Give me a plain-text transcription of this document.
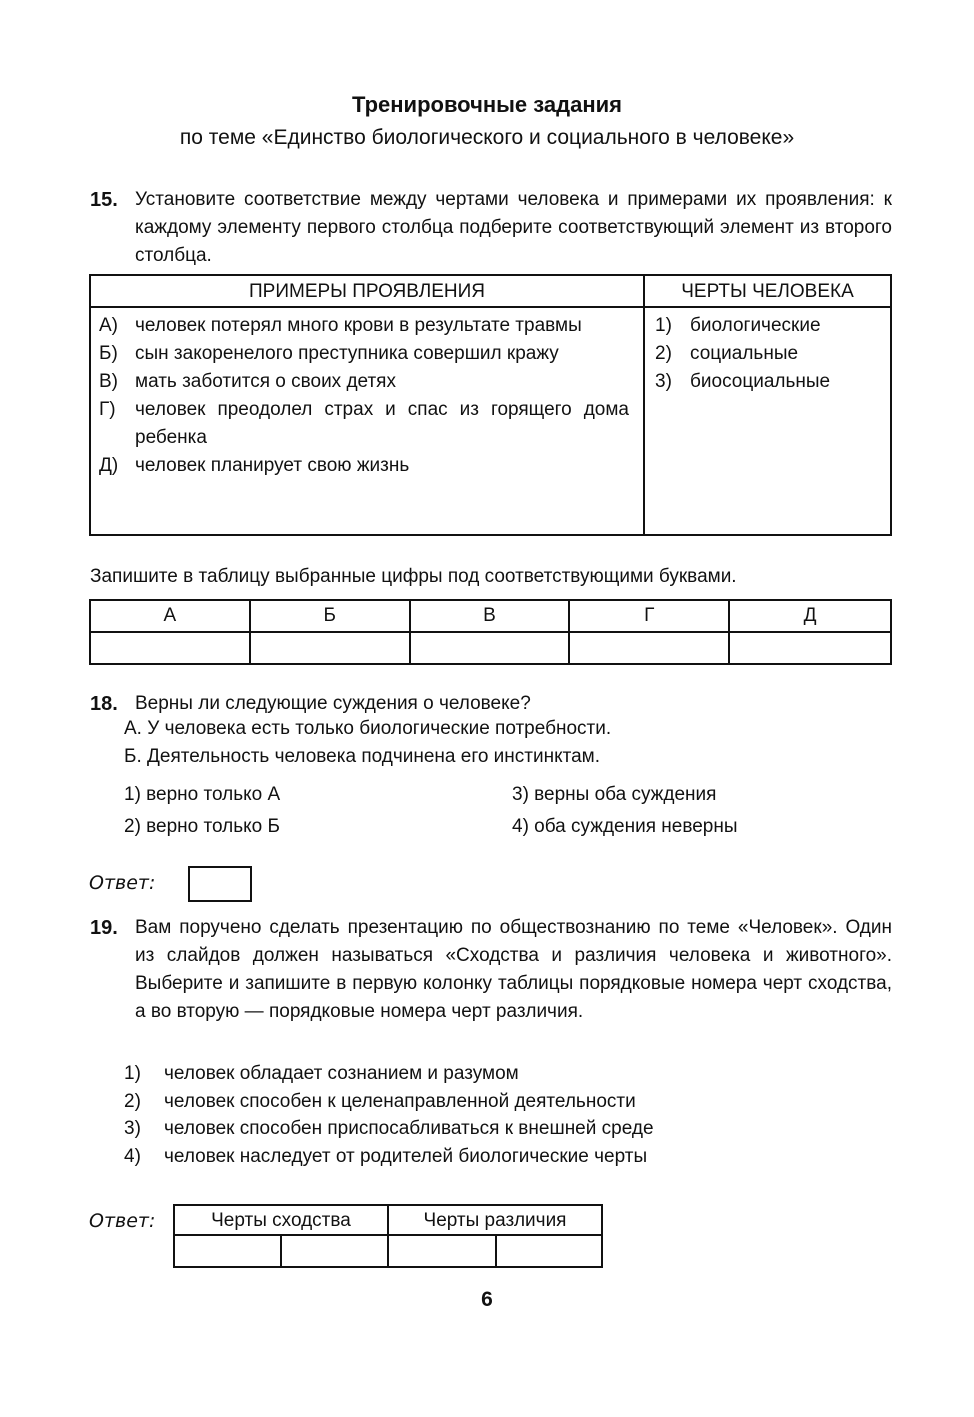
Тренировочные задания
по теме «Единство биологического и социального в человеке»
15. Установите соответствие между чертами человека и примерами их проявления: к каждому элементу первого столбца подберите соответствующий элемент из второго столбца.
ПРИМЕРЫ ПРОЯВЛЕНИЯ	ЧЕРТЫ ЧЕЛОВЕКА
А) человек потерял много крови в результате травмы
Б) сын закоренелого преступника совершил кражу
В) мать заботится о своих детях
Г) человек преодолел страх и спас из горящего дома ребенка
Д) человек планирует свою жизнь
1) биологические
2) социальные
3) биосоциальные
Запишите в таблицу выбранные цифры под соответствующими буквами.
А	Б	В	Г	Д
18. Верны ли следующие суждения о человеке?
А. У человека есть только биологические потребности.
Б. Деятельность человека подчинена его инстинктам.
1) верно только А
2) верно только Б
3) верны оба суждения
4) оба суждения неверны
Ответ:
19. Вам поручено сделать презентацию по обществознанию по теме «Человек». Один из слайдов должен называться «Сходства и различия человека и животного». Выберите и запишите в первую колонку таблицы порядковые номера черт сходства, а во вторую — порядковые номера черт различия.
1) человек обладает сознанием и разумом
2) человек способен к целенаправленной деятельности
3) человек способен приспосабливаться к внешней среде
4) человек наследует от родителей биологические черты
Ответ:	Черты сходства	Черты различия
6
